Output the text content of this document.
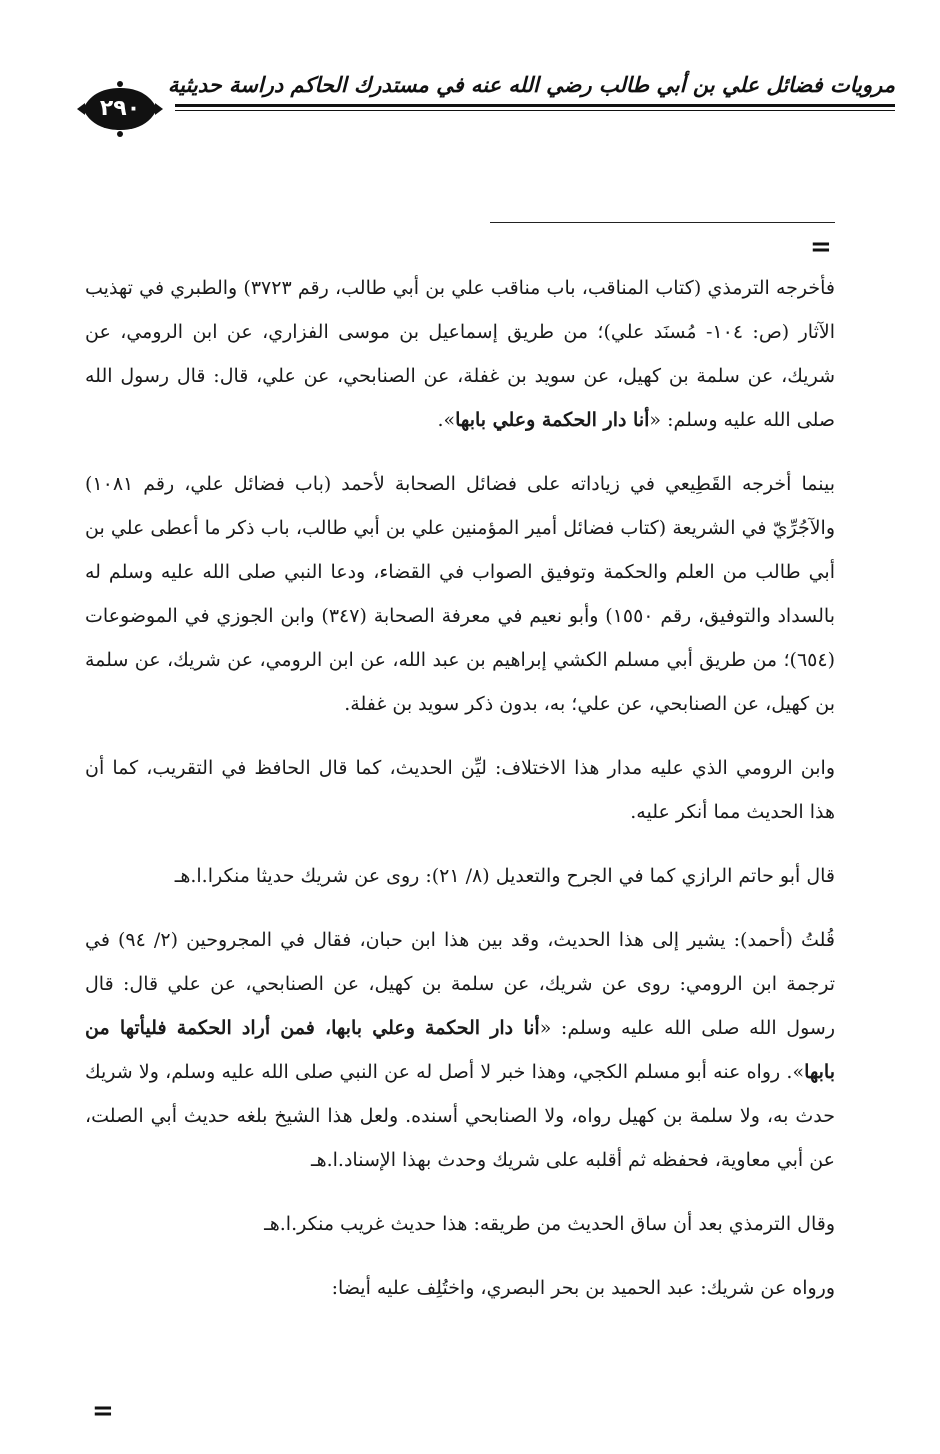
٢٩٠
مرويات فضائل علي بن أبي طالب رضي الله عنه في مستدرك الحاكم دراسة حديثية
=

فأخرجه الترمذي (كتاب المناقب، باب مناقب علي بن أبي طالب، رقم ٣٧٢٣) والطبري في تهذيب الآثار (ص: ١٠٤- مُسنَد علي)؛ من طريق إسماعيل بن موسى الفزاري، عن ابن الرومي، عن شريك، عن سلمة بن كهيل، عن سويد بن غفلة، عن الصنابحي، عن علي، قال: قال رسول الله صلى الله عليه وسلم: «أنا دار الحكمة وعلي بابها».

بينما أخرجه القَطِيعي في زياداته على فضائل الصحابة لأحمد (باب فضائل علي، رقم ١٠٨١) والآجُرِّيّ في الشريعة (كتاب فضائل أمير المؤمنين علي بن أبي طالب، باب ذكر ما أعطى علي بن أبي طالب من العلم والحكمة وتوفيق الصواب في القضاء، ودعا النبي صلى الله عليه وسلم له بالسداد والتوفيق، رقم ١٥٥٠) وأبو نعيم في معرفة الصحابة (٣٤٧) وابن الجوزي في الموضوعات (٦٥٤)؛ من طريق أبي مسلم الكشي إبراهيم بن عبد الله، عن ابن الرومي، عن شريك، عن سلمة بن كهيل، عن الصنابحي، عن علي؛ به، بدون ذكر سويد بن غفلة.

وابن الرومي الذي عليه مدار هذا الاختلاف: ليِّن الحديث، كما قال الحافظ في التقريب، كما أن هذا الحديث مما أنكر عليه.

قال أبو حاتم الرازي كما في الجرح والتعديل (٨/ ٢١): روى عن شريك حديثا منكرا.ا.هـ

قُلتُ (أحمد): يشير إلى هذا الحديث، وقد بين هذا ابن حبان، فقال في المجروحين (٢/ ٩٤) في ترجمة ابن الرومي: روى عن شريك، عن سلمة بن كهيل، عن الصنابحي، عن علي قال: قال رسول الله صلى الله عليه وسلم: «أنا دار الحكمة وعلي بابها، فمن أراد الحكمة فليأتها من بابها». رواه عنه أبو مسلم الكجي، وهذا خبر لا أصل له عن النبي صلى الله عليه وسلم، ولا شريك حدث به، ولا سلمة بن كهيل رواه، ولا الصنابحي أسنده. ولعل هذا الشيخ بلغه حديث أبي الصلت، عن أبي معاوية، فحفظه ثم أقلبه على شريك وحدث بهذا الإسناد.ا.هـ

وقال الترمذي بعد أن ساق الحديث من طريقه: هذا حديث غريب منكر.ا.هـ

ورواه عن شريك: عبد الحميد بن بحر البصري، واختُلِف عليه أيضا:

=
